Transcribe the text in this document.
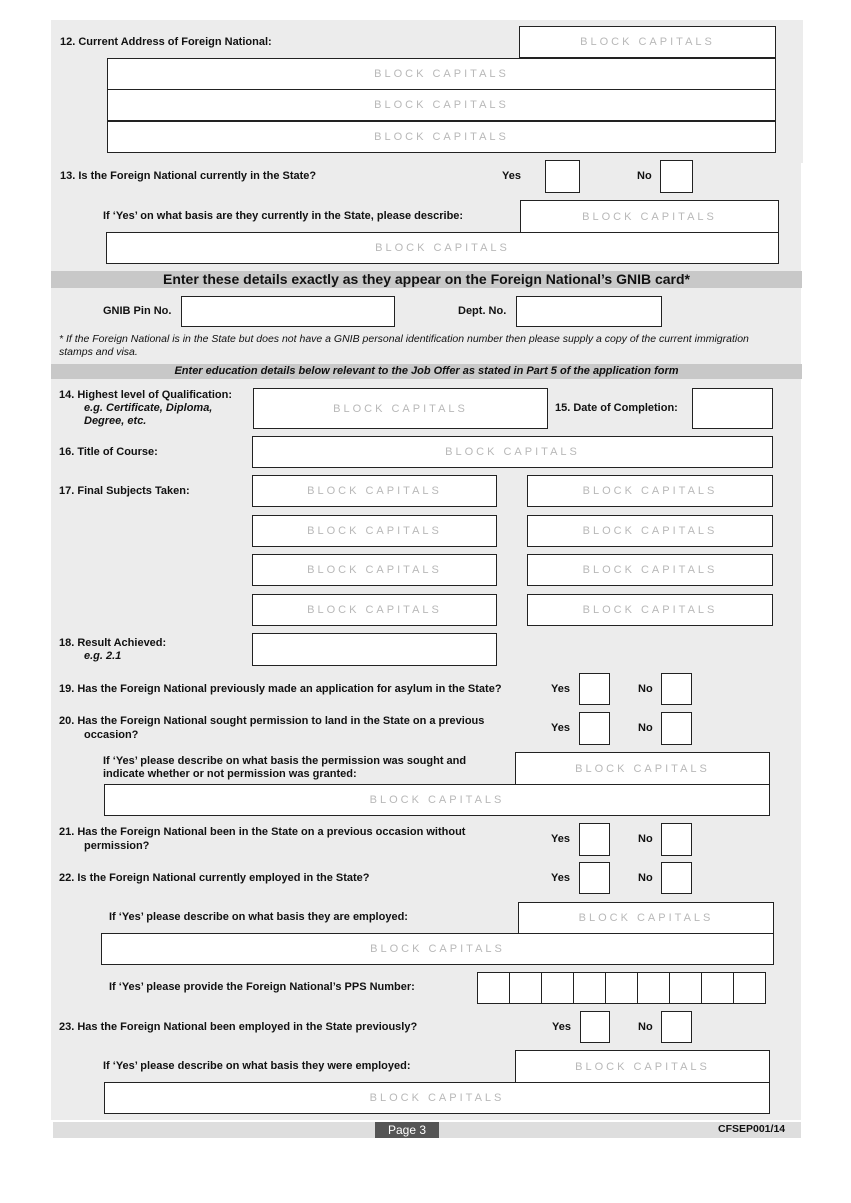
12. Current Address of Foreign National:	BLOCK CAPITALS
BLOCK CAPITALS
BLOCK CAPITALS
BLOCK CAPITALS
13. Is the Foreign National currently in the State?	Yes	No
If ‘Yes’ on what basis are they currently in the State, please describe:	BLOCK CAPITALS
BLOCK CAPITALS
Enter these details exactly as they appear on the Foreign National’s GNIB card*
GNIB Pin No.	Dept. No.
* If the Foreign National is in the State but does not have a GNIB personal identification number then please supply a copy of the current immigration stamps and visa.
Enter education details below relevant to the Job Offer as stated in Part 5 of the application form
14. Highest level of Qualification:
e.g. Certificate, Diploma, Degree, etc.
BLOCK CAPITALS	15. Date of Completion:
16. Title of Course:	BLOCK CAPITALS
17. Final Subjects Taken:	BLOCK CAPITALS	BLOCK CAPITALS
BLOCK CAPITALS	BLOCK CAPITALS
BLOCK CAPITALS	BLOCK CAPITALS
BLOCK CAPITALS	BLOCK CAPITALS
18. Result Achieved:
e.g. 2.1
19. Has the Foreign National previously made an application for asylum in the State?	Yes	No
20. Has the Foreign National sought permission to land in the State on a previous
occasion?
Yes	No
If ‘Yes’ please describe on what basis the permission was sought and
indicate whether or not permission was granted:	BLOCK CAPITALS
BLOCK CAPITALS
21. Has the Foreign National been in the State on a previous occasion without
permission?
Yes	No
22. Is the Foreign National currently employed in the State?	Yes	No
If ‘Yes’ please describe on what basis they are employed:	BLOCK CAPITALS
BLOCK CAPITALS
If ‘Yes’ please provide the Foreign National’s PPS Number:
23. Has the Foreign National been employed in the State previously?	Yes	No
If ‘Yes’ please describe on what basis they were employed:	BLOCK CAPITALS
BLOCK CAPITALS
Page 3	CFSEP001/14
